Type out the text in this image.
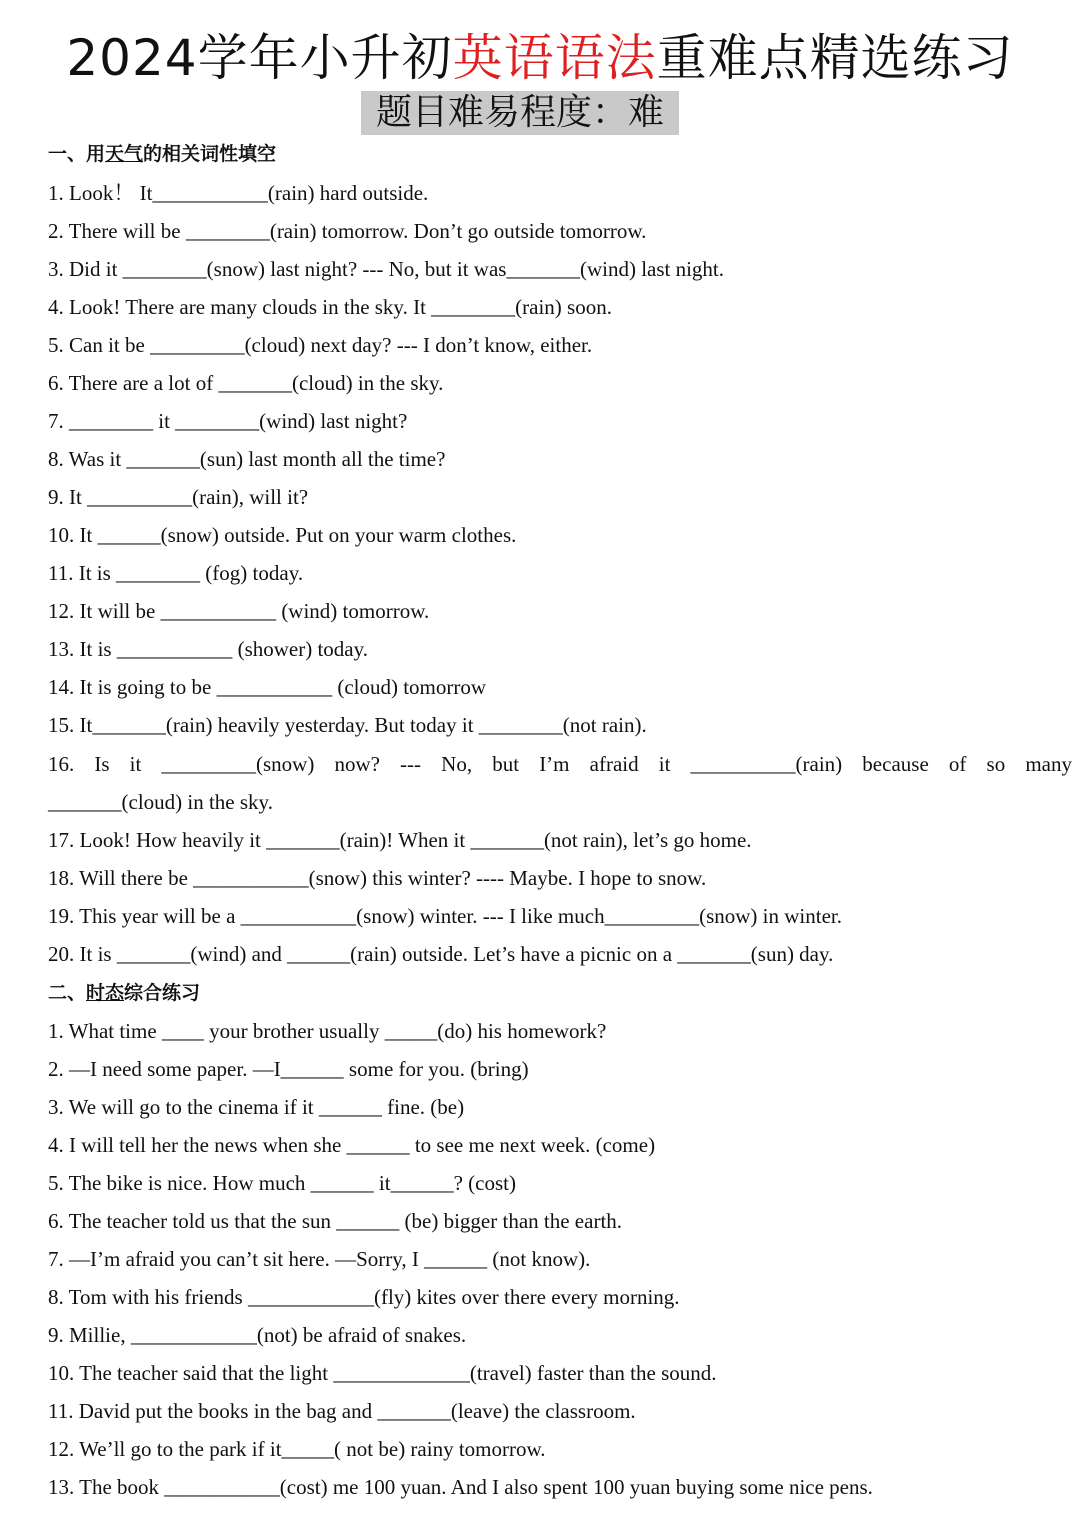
2024学年小升初英语语法重难点精选练习
题目难易程度：难
一、用天气的相关词性填空
1. Look！ It___________(rain) hard outside.
2. There will be ________(rain) tomorrow. Don’t go outside tomorrow.
3. Did it ________(snow) last night? --- No, but it was_______(wind) last night.
4. Look! There are many clouds in the sky. It ________(rain) soon.
5. Can it be _________(cloud) next day? --- I don’t know, either.
6. There are a lot of _______(cloud) in the sky.
7. ________ it ________(wind) last night?
8. Was it _______(sun) last month all the time?
9. It __________(rain), will it?
10. It ______(snow) outside. Put on your warm clothes.
11. It is ________ (fog) today.
12. It will be ___________ (wind) tomorrow.
13. It is ___________ (shower) today.
14. It is going to be ___________ (cloud) tomorrow
15. It_______(rain) heavily yesterday. But today it ________(not rain).
16. Is it _________(snow) now? --- No, but I’m afraid it __________(rain) because of so many
_______(cloud) in the sky.
17. Look! How heavily it _______(rain)! When it _______(not rain), let’s go home.
18. Will there be ___________(snow) this winter? ---- Maybe. I hope to snow.
19. This year will be a ___________(snow) winter. --- I like much_________(snow) in winter.
20. It is _______(wind) and ______(rain) outside. Let’s have a picnic on a _______(sun) day.
二、时态综合练习
1. What time ____ your brother usually _____(do) his homework?
2. —I need some paper. —I______ some for you. (bring)
3. We will go to the cinema if it ______ fine. (be)
4. I will tell her the news when she ______ to see me next week. (come)
5. The bike is nice. How much ______ it______? (cost)
6. The teacher told us that the sun ______ (be) bigger than the earth.
7. —I’m afraid you can’t sit here. —Sorry, I ______ (not know).
8. Tom with his friends ____________(fly) kites over there every morning.
9. Millie, ____________(not) be afraid of snakes.
10. The teacher said that the light _____________(travel) faster than the sound.
11. David put the books in the bag and _______(leave) the classroom.
12. We’ll go to the park if it_____( not be) rainy tomorrow.
13. The book ___________(cost) me 100 yuan. And I also spent 100 yuan buying some nice pens.
